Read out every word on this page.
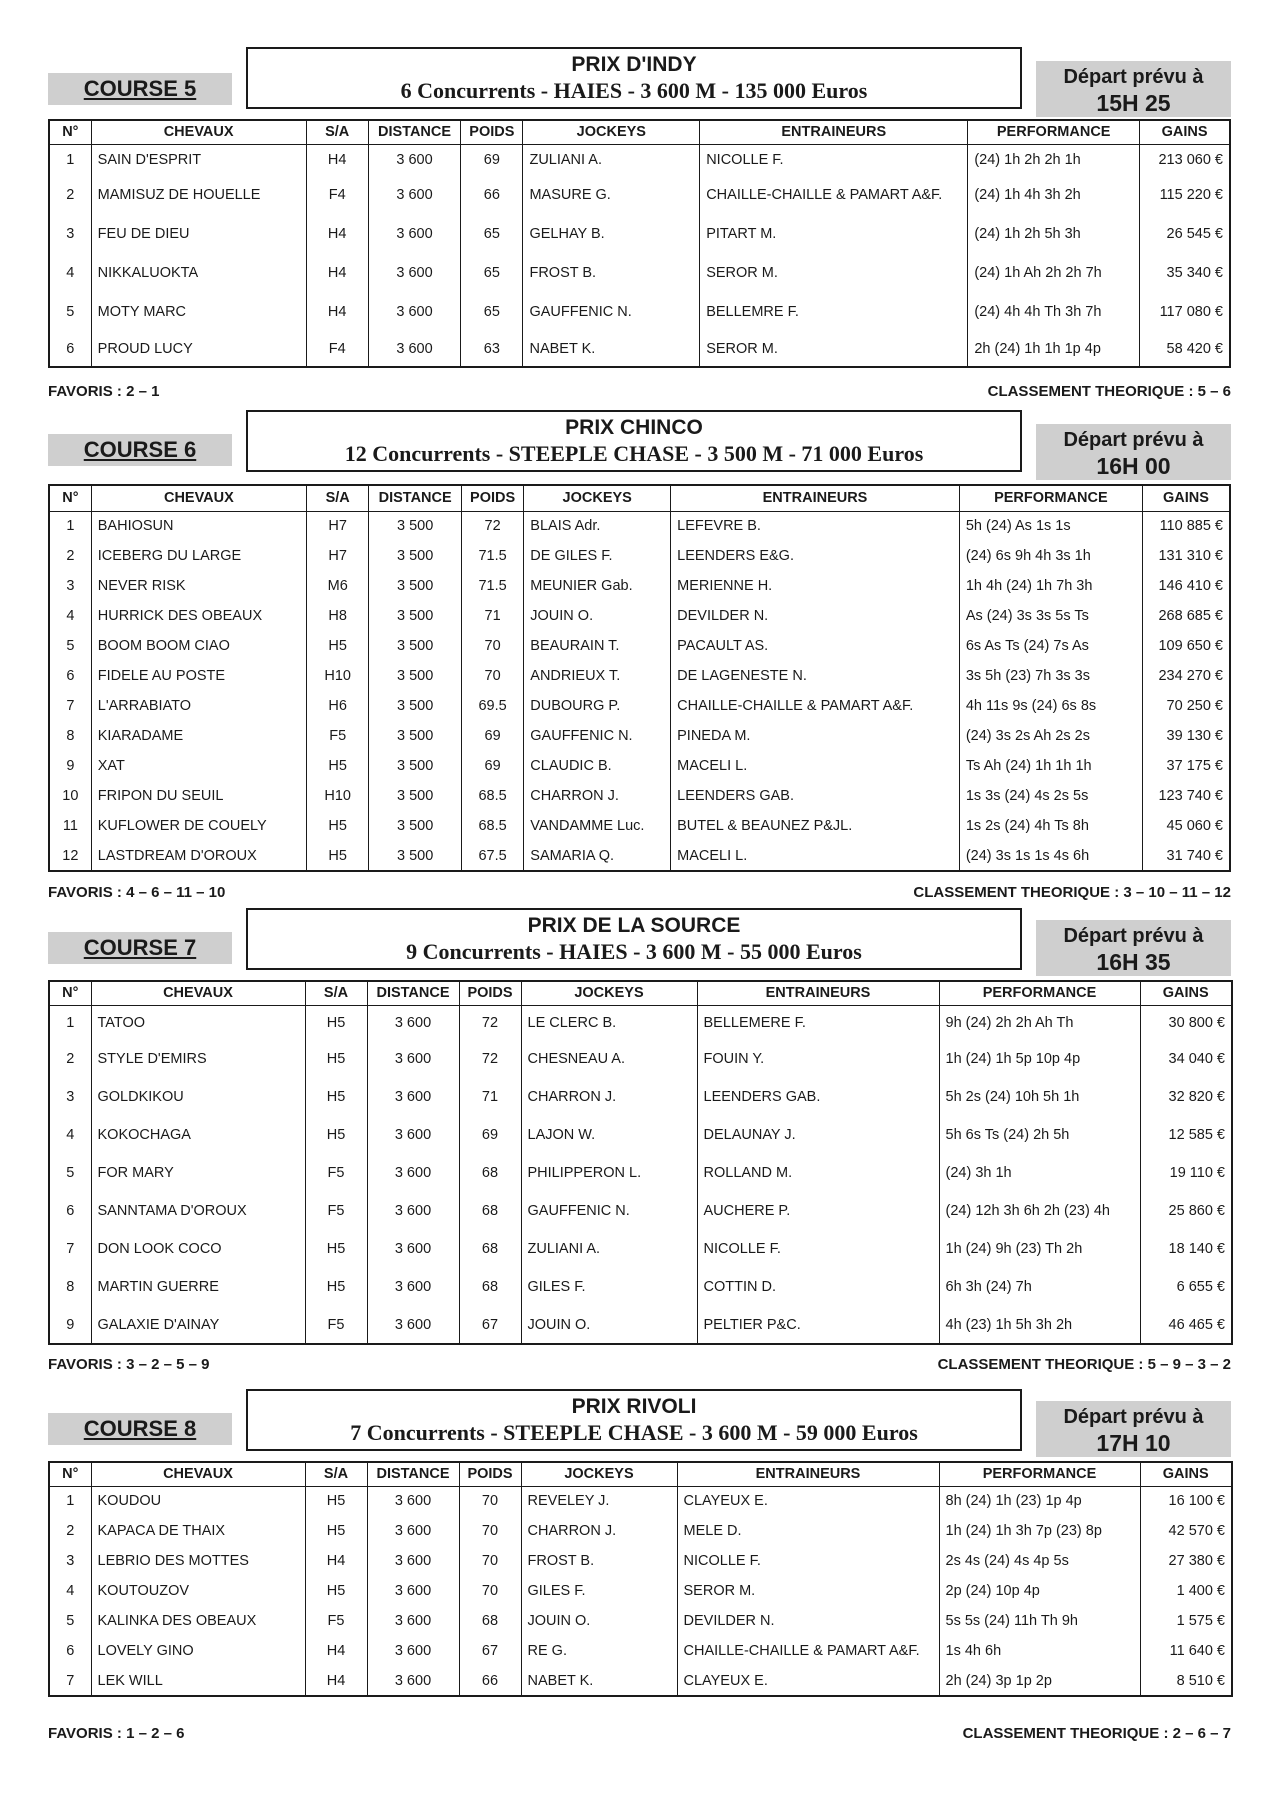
COURSE 5
PRIX D'INDY
6 Concurrents - HAIES - 3 600 M - 135 000 Euros
Départ prévu à
15H 25
N°	CHEVAUX	S/A	DISTANCE	POIDS	JOCKEYS	ENTRAINEURS	PERFORMANCE	GAINS
1	SAIN D'ESPRIT	H4	3 600	69	ZULIANI A.	NICOLLE F.	(24) 1h 2h 2h 1h	213 060 €
2	MAMISUZ DE HOUELLE	F4	3 600	66	MASURE G.	CHAILLE-CHAILLE & PAMART A&F.	(24) 1h 4h 3h 2h	115 220 €
3	FEU DE DIEU	H4	3 600	65	GELHAY B.	PITART M.	(24) 1h 2h 5h 3h	26 545 €
4	NIKKALUOKTA	H4	3 600	65	FROST B.	SEROR M.	(24) 1h Ah 2h 2h 7h	35 340 €
5	MOTY MARC	H4	3 600	65	GAUFFENIC N.	BELLEMRE F.	(24) 4h 4h Th 3h 7h	117 080 €
6	PROUD LUCY	F4	3 600	63	NABET K.	SEROR M.	2h (24) 1h 1h 1p 4p	58 420 €
FAVORIS : 2 – 1	CLASSEMENT THEORIQUE : 5 – 6
COURSE 6
PRIX CHINCO
12 Concurrents - STEEPLE CHASE - 3 500 M - 71 000 Euros
Départ prévu à
16H 00
N°	CHEVAUX	S/A	DISTANCE	POIDS	JOCKEYS	ENTRAINEURS	PERFORMANCE	GAINS
1	BAHIOSUN	H7	3 500	72	BLAIS Adr.	LEFEVRE B.	5h (24) As 1s 1s	110 885 €
2	ICEBERG DU LARGE	H7	3 500	71.5	DE GILES F.	LEENDERS E&G.	(24) 6s 9h 4h 3s 1h	131 310 €
3	NEVER RISK	M6	3 500	71.5	MEUNIER Gab.	MERIENNE H.	1h 4h (24) 1h 7h 3h	146 410 €
4	HURRICK DES OBEAUX	H8	3 500	71	JOUIN O.	DEVILDER N.	As (24) 3s 3s 5s Ts	268 685 €
5	BOOM BOOM CIAO	H5	3 500	70	BEAURAIN T.	PACAULT AS.	6s As Ts (24) 7s As	109 650 €
6	FIDELE AU POSTE	H10	3 500	70	ANDRIEUX T.	DE LAGENESTE N.	3s 5h (23) 7h 3s 3s	234 270 €
7	L'ARRABIATO	H6	3 500	69.5	DUBOURG P.	CHAILLE-CHAILLE & PAMART A&F.	4h 11s 9s (24) 6s 8s	70 250 €
8	KIARADAME	F5	3 500	69	GAUFFENIC N.	PINEDA M.	(24) 3s 2s Ah 2s 2s	39 130 €
9	XAT	H5	3 500	69	CLAUDIC B.	MACELI L.	Ts Ah (24) 1h 1h 1h	37 175 €
10	FRIPON DU SEUIL	H10	3 500	68.5	CHARRON J.	LEENDERS GAB.	1s 3s (24) 4s 2s 5s	123 740 €
11	KUFLOWER DE COUELY	H5	3 500	68.5	VANDAMME Luc.	BUTEL & BEAUNEZ P&JL.	1s 2s (24) 4h Ts 8h	45 060 €
12	LASTDREAM D'OROUX	H5	3 500	67.5	SAMARIA Q.	MACELI L.	(24) 3s 1s 1s 4s 6h	31 740 €
FAVORIS : 4 – 6 – 11 – 10	CLASSEMENT THEORIQUE : 3 – 10 – 11 – 12
COURSE 7
PRIX DE LA SOURCE
9 Concurrents - HAIES - 3 600 M - 55 000 Euros
Départ prévu à
16H 35
N°	CHEVAUX	S/A	DISTANCE	POIDS	JOCKEYS	ENTRAINEURS	PERFORMANCE	GAINS
1	TATOO	H5	3 600	72	LE CLERC B.	BELLEMERE F.	9h (24) 2h 2h Ah Th	30 800 €
2	STYLE D'EMIRS	H5	3 600	72	CHESNEAU A.	FOUIN Y.	1h (24) 1h 5p 10p 4p	34 040 €
3	GOLDKIKOU	H5	3 600	71	CHARRON J.	LEENDERS GAB.	5h 2s (24) 10h 5h 1h	32 820 €
4	KOKOCHAGA	H5	3 600	69	LAJON W.	DELAUNAY J.	5h 6s Ts (24) 2h 5h	12 585 €
5	FOR MARY	F5	3 600	68	PHILIPPERON L.	ROLLAND M.	(24) 3h 1h	19 110 €
6	SANNTAMA D'OROUX	F5	3 600	68	GAUFFENIC N.	AUCHERE P.	(24) 12h 3h 6h 2h (23) 4h	25 860 €
7	DON LOOK COCO	H5	3 600	68	ZULIANI A.	NICOLLE F.	1h (24) 9h (23) Th 2h	18 140 €
8	MARTIN GUERRE	H5	3 600	68	GILES F.	COTTIN D.	6h 3h (24) 7h	6 655 €
9	GALAXIE D'AINAY	F5	3 600	67	JOUIN O.	PELTIER P&C.	4h (23) 1h 5h 3h 2h	46 465 €
FAVORIS : 3 – 2 – 5 – 9	CLASSEMENT THEORIQUE : 5 – 9 – 3 – 2
COURSE 8
PRIX RIVOLI
7 Concurrents - STEEPLE CHASE - 3 600 M - 59 000 Euros
Départ prévu à
17H 10
N°	CHEVAUX	S/A	DISTANCE	POIDS	JOCKEYS	ENTRAINEURS	PERFORMANCE	GAINS
1	KOUDOU	H5	3 600	70	REVELEY J.	CLAYEUX E.	8h (24) 1h (23) 1p 4p	16 100 €
2	KAPACA DE THAIX	H5	3 600	70	CHARRON J.	MELE D.	1h (24) 1h 3h 7p (23) 8p	42 570 €
3	LEBRIO DES MOTTES	H4	3 600	70	FROST B.	NICOLLE F.	2s 4s (24) 4s 4p 5s	27 380 €
4	KOUTOUZOV	H5	3 600	70	GILES F.	SEROR M.	2p (24) 10p 4p	1 400 €
5	KALINKA DES OBEAUX	F5	3 600	68	JOUIN O.	DEVILDER N.	5s 5s (24) 11h Th 9h	1 575 €
6	LOVELY GINO	H4	3 600	67	RE G.	CHAILLE-CHAILLE & PAMART A&F.	1s 4h 6h	11 640 €
7	LEK WILL	H4	3 600	66	NABET K.	CLAYEUX E.	2h (24) 3p 1p 2p	8 510 €
FAVORIS : 1 – 2 – 6	CLASSEMENT THEORIQUE : 2 – 6 – 7
